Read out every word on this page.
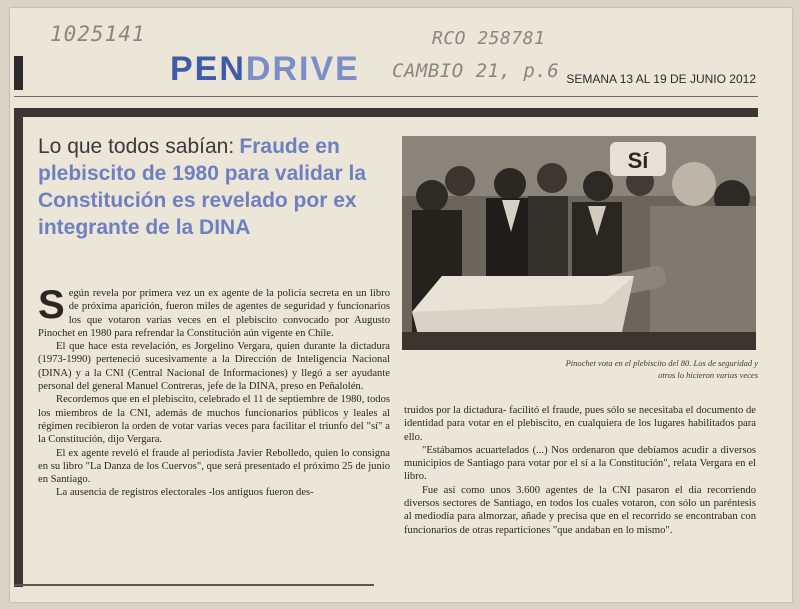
1025141	RCO 258781
CAMBIO 21, p.6
PENDRIVE	SEMANA 13 AL 19 DE JUNIO 2012
Lo que todos sabían: Fraude en plebiscito de 1980 para validar la Constitución es revelado por ex integrante de la DINA
Sí
Pinochet vota en el plebiscito del 80. Los de seguridad y otros lo hicieron varias veces

Según revela por primera vez un ex agente de la policía secreta en un libro de próxima aparición, fueron miles de agentes de seguridad y funcionarios los que votaron varias veces en el plebiscito convocado por Augusto Pinochet en 1980 para refrendar la Constitución aún vigente en Chile.

El que hace esta revelación, es Jorgelino Vergara, quien durante la dictadura (1973-1990) perteneció sucesivamente a la Dirección de Inteligencia Nacional (DINA) y a la CNI (Central Nacional de Informaciones) y llegó a ser ayudante personal del general Manuel Contreras, jefe de la DINA, preso en Peñalolén.

Recordemos que en el plebiscito, celebrado el 11 de septiembre de 1980, todos los miembros de la CNI, además de muchos funcionarios públicos y leales al régimen recibieron la orden de votar varias veces para facilitar el triunfo del "sí" a la Constitución, dijo Vergara.

El ex agente reveló el fraude al periodista Javier Rebolledo, quien lo consigna en su libro "La Danza de los Cuervos", que será presentado el próximo 25 de junio en Santiago.

La ausencia de registros electorales -los antiguos fueron des-

truidos por la dictadura- facilitó el fraude, pues sólo se necesitaba el documento de identidad para votar en el plebiscito, en cualquiera de los lugares habilitados para ello.

"Estábamos acuartelados (...) Nos ordenaron que debíamos acudir a diversos municipios de Santiago para votar por el sí a la Constitución", relata Vergara en el libro.

Fue así como unos 3.600 agentes de la CNI pasaron el día recorriendo diversos sectores de Santiago, en todos los cuales votaron, con sólo un paréntesis al mediodía para almorzar, añade y precisa que en el recorrido se encontraban con funcionarios de otras reparticiones "que andaban en lo mismo".
